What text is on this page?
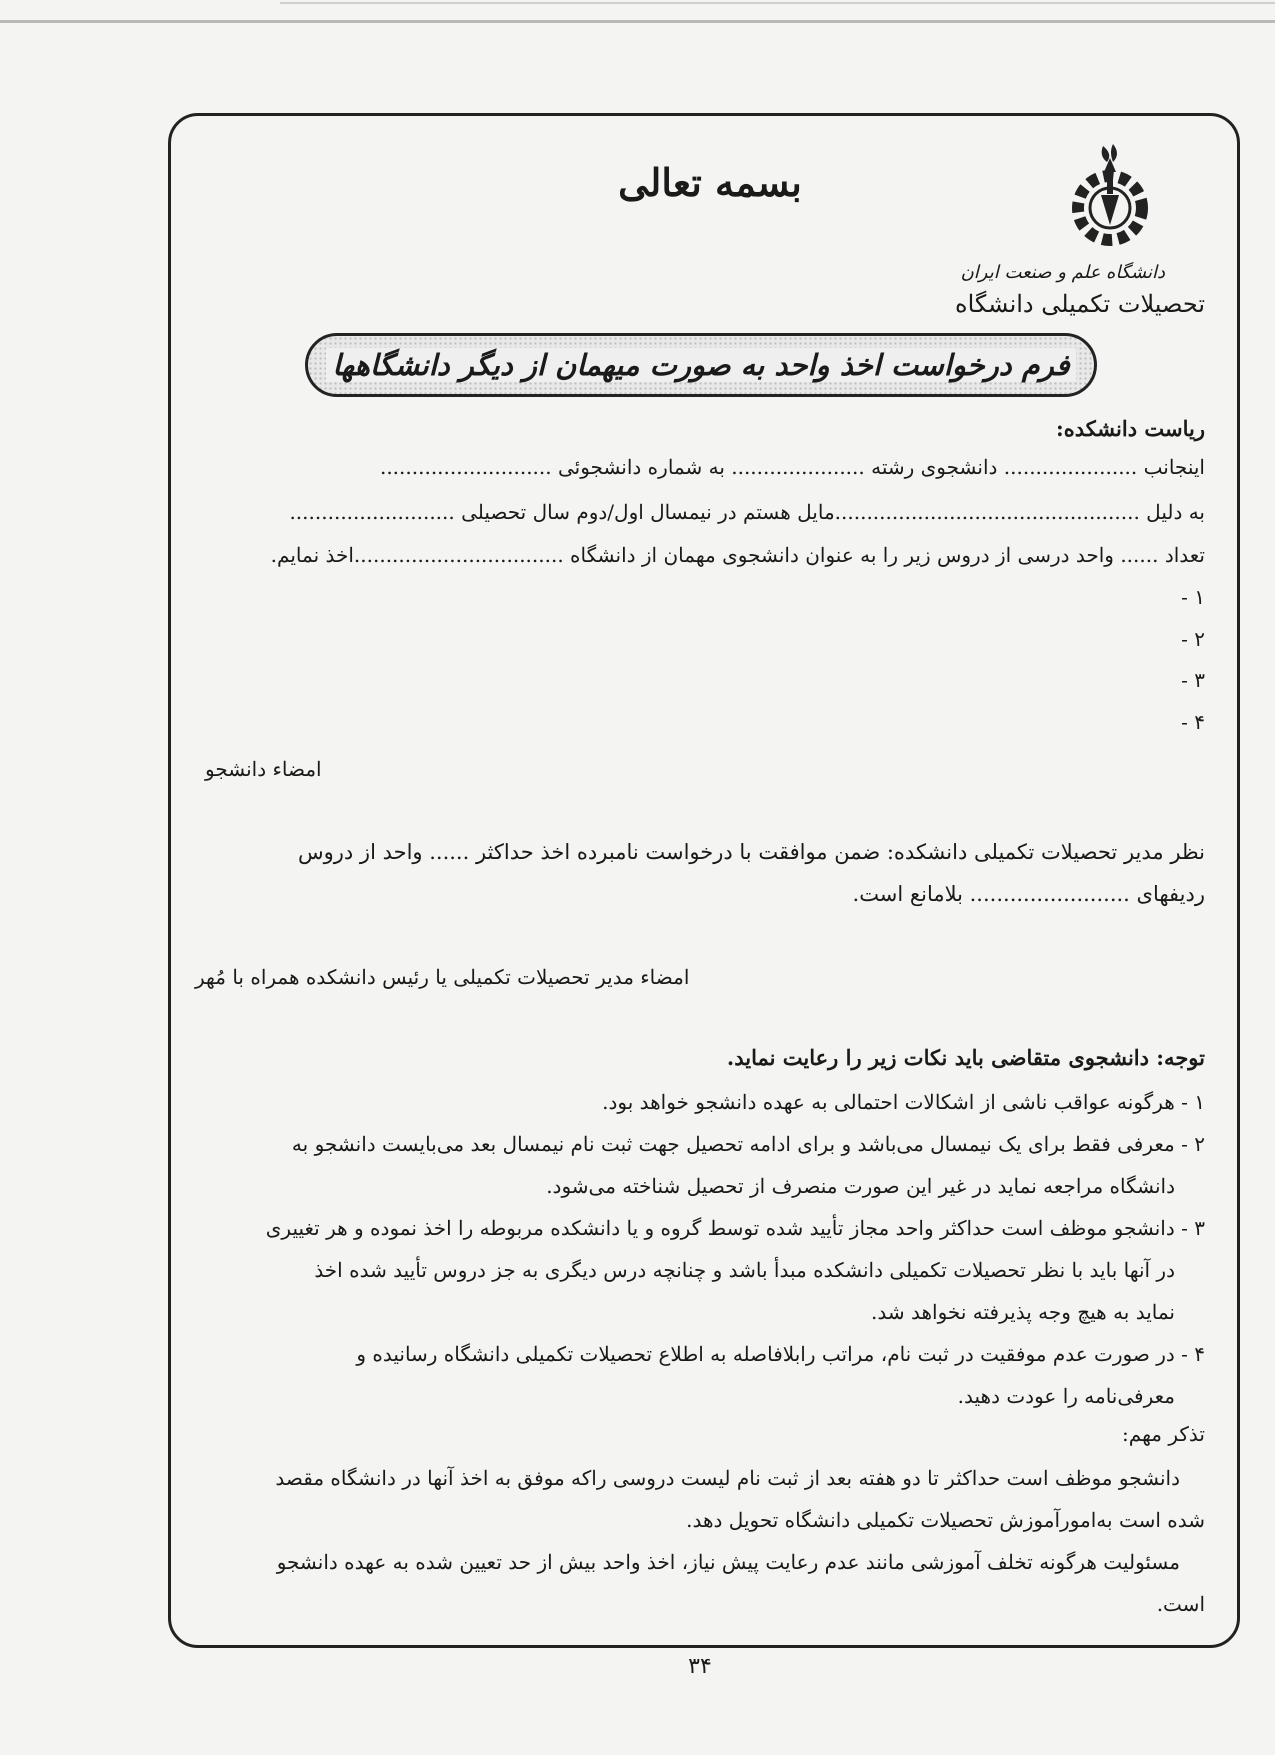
بسمه تعالی
دانشگاه علم و صنعت ایران
تحصیلات تکمیلی دانشگاه
فرم درخواست اخذ واحد به صورت میهمان از دیگر دانشگاهها
ریاست دانشکده:
اینجانب ..................... دانشجوی رشته ..................... به شماره دانشجوئی ...........................
به دلیل ................................................مایل هستم در نیمسال اول/دوم سال تحصیلی ..........................
تعداد ...... واحد درسی از دروس زیر را به عنوان دانشجوی مهمان از دانشگاه .................................اخذ نمایم.
۱ -
۲ -
۳ -
۴ -
امضاء دانشجو
نظر مدیر تحصیلات تکمیلی دانشکده: ضمن موافقت با درخواست نامبرده اخذ حداکثر ...... واحد از دروس
ردیفهای ........................ بلامانع است.
امضاء مدیر تحصیلات تکمیلی یا رئیس دانشکده همراه با مُهر
توجه: دانشجوی متقاضی باید نکات زیر را رعایت نماید.
۱ - هرگونه عواقب ناشی از اشکالات احتمالی به عهده دانشجو خواهد بود.
۲ - معرفی فقط برای یک نیمسال می‌باشد و برای ادامه تحصیل جهت ثبت نام نیمسال بعد می‌بایست دانشجو به
دانشگاه مراجعه نماید در غیر این صورت منصرف از تحصیل شناخته می‌شود.
۳ - دانشجو موظف است حداکثر واحد مجاز تأیید شده توسط گروه و یا دانشکده مربوطه را اخذ نموده و هر تغییری
در آنها باید با نظر تحصیلات تکمیلی دانشکده مبدأ باشد و چنانچه درس دیگری به جز دروس تأیید شده اخذ
نماید به هیچ وجه پذیرفته نخواهد شد.
۴ - در صورت عدم موفقیت در ثبت نام، مراتب رابلافاصله به اطلاع تحصیلات تکمیلی دانشگاه رسانیده و
معرفی‌نامه را عودت دهید.
تذکر مهم:
دانشجو موظف است حداکثر تا دو هفته بعد از ثبت نام لیست دروسی راکه موفق به اخذ آنها در دانشگاه مقصد
شده است به‌امورآموزش تحصیلات تکمیلی دانشگاه تحویل دهد.
مسئولیت هرگونه تخلف آموزشی مانند عدم رعایت پیش نیاز، اخذ واحد بیش از حد تعیین شده به عهده دانشجو
است.
۳۴
